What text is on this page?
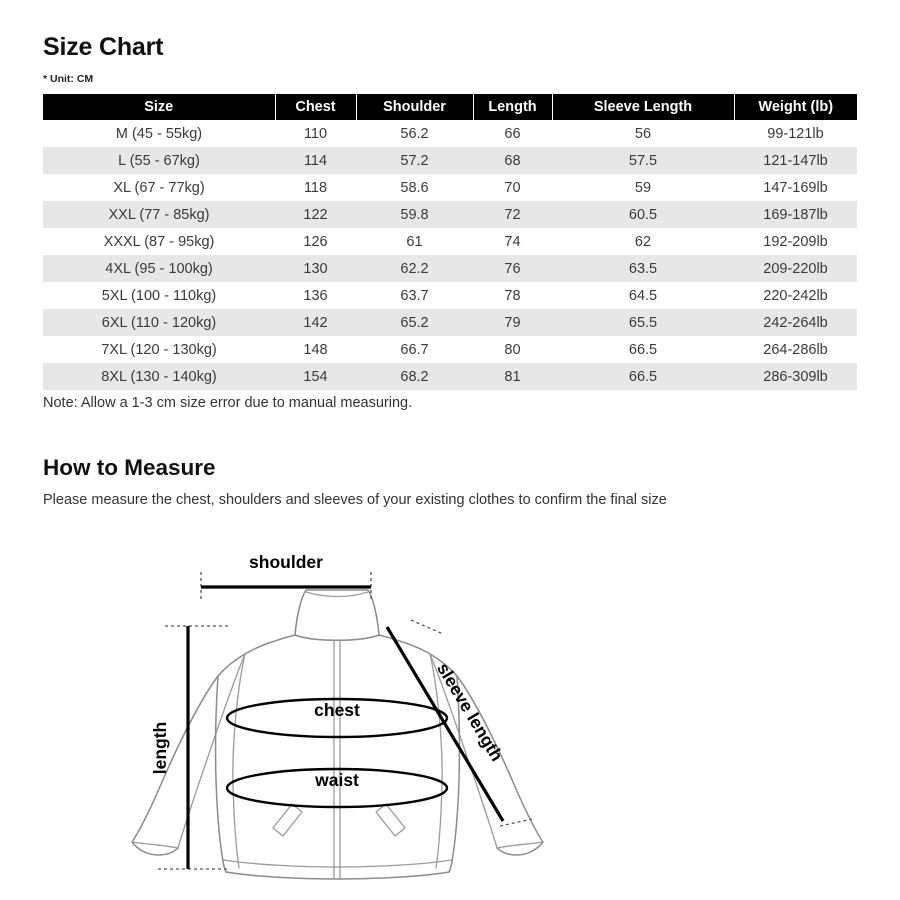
Size Chart
* Unit: CM
Size	Chest	Shoulder	Length	Sleeve Length	Weight (lb)
M (45 - 55kg)	110	56.2	66	56	99-121lb
L (55 - 67kg)	114	57.2	68	57.5	121-147lb
XL (67 - 77kg)	118	58.6	70	59	147-169lb
XXL (77 - 85kg)	122	59.8	72	60.5	169-187lb
XXXL (87 - 95kg)	126	61	74	62	192-209lb
4XL (95 - 100kg)	130	62.2	76	63.5	209-220lb
5XL (100 - 110kg)	136	63.7	78	64.5	220-242lb
6XL (110 - 120kg)	142	65.2	79	65.5	242-264lb
7XL (120 - 130kg)	148	66.7	80	66.5	264-286lb
8XL (130 - 140kg)	154	68.2	81	66.5	286-309lb
Note: Allow a 1-3 cm size error due to manual measuring.
How to Measure
Please measure the chest, shoulders and sleeves of your existing clothes to confirm the final size
shoulder
length	sleeve length
chest
waist
